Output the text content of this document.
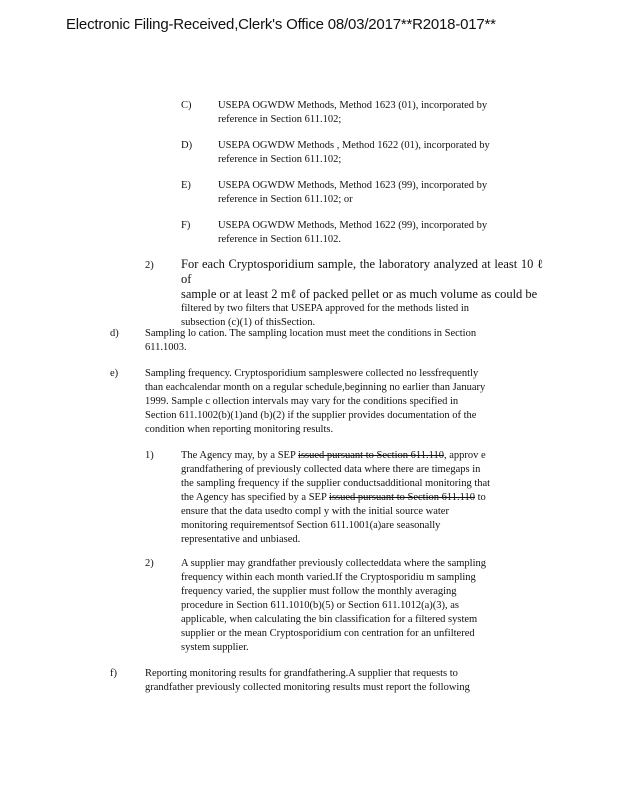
Electronic Filing-Received,Clerk's Office 08/03/2017**R2018-017**
C)	USEPA OGWDW Methods, Method 1623 (01), incorporated by

reference in Section 611.102;

D) USEPA OGWDW Methods , Method 1622 (01), incorporated by

reference in Section 611.102;

E)	USEPA OGWDW Methods, Method 1623 (99), incorporated by

reference in Section 611.102; or

F)	USEPA OGWDW Methods, Method 1622 (99), incorporated by

reference in Section 611.102.

2) For each Cryptosporidium sample, the laboratory analyzed at least 10 ℓ of

sample or at least 2 mℓ of packed pellet or as much volume as could be

filtered by two filters that USEPA approved for the methods listed in

subsection (c)(1) of thisSection.

d)	Sampling lo cation. The sampling location must meet the conditions in Section

611.1003.

e)	Sampling frequency. Cryptosporidium sampleswere collected no lessfrequently

than eachcalendar month on a regular schedule,beginning no earlier than January

1999. Sample c ollection intervals may vary for the conditions specified in

Section 611.1002(b)(1)and (b)(2) if the supplier provides documentation of the

condition when reporting monitoring results.

1)	The Agency may, by a SEP issued pursuant to Section 611.110, approv e

grandfathering of previously collected data where there are timegaps in

the sampling frequency if the supplier conductsadditional monitoring that

the Agency has specified by a SEP issued pursuant to Section 611.110 to

ensure that the data usedto compl y with the initial source water

monitoring requirementsof Section 611.1001(a)are seasonally

representative and unbiased.

2)	A supplier may grandfather previously collecteddata where the sampling

frequency within each month varied.If the Cryptosporidiu m sampling

frequency varied, the supplier must follow the monthly averaging

procedure in Section 611.1010(b)(5) or Section 611.1012(a)(3), as

applicable, when calculating the bin classification for a filtered system

supplier or the mean Cryptosporidium con centration for an unfiltered

system supplier.

f)	Reporting monitoring results for grandfathering.A supplier that requests to

grandfather previously collected monitoring results must report the following
